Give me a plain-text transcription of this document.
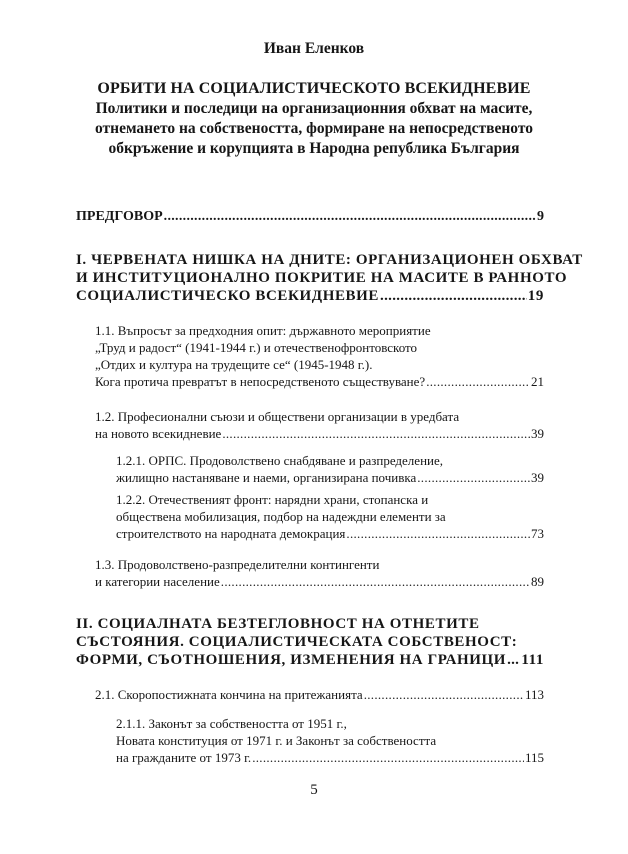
Иван Еленков
ОРБИТИ НА СОЦИАЛИСТИЧЕСКОТО ВСЕКИДНЕВИЕ
Политики и последици на организационния обхват на масите,
отнемането на собствеността, формиране на непосредственото
обкръжение и корупцията в Народна република България
ПРЕДГОВОР .....	9
I. ЧЕРВЕНАТА НИШКА НА ДНИТЕ: ОРГАНИЗАЦИОНЕН ОБХВАТ
И ИНСТИТУЦИОНАЛНО ПОКРИТИЕ НА МАСИТЕ В РАННОТО
СОЦИАЛИСТИЧЕСКО ВСЕКИДНЕВИЕ .....	19
1.1. Въпросът за предходния опит: държавното мероприятие
„Труд и радост“ (1941-1944 г.) и отечественофронтовското
„Отдих и култура на трудещите се“ (1945-1948 г.).
Кога протича превратът в непосредственото съществуване? .....	21
1.2. Професионални съюзи и обществени организации в уредбата
на новото всекидневие .....	39
1.2.1. ОРПС. Продоволствено снабдяване и разпределение,
жилищно настаняване и наеми, организирана почивка .....	39
1.2.2. Отечественият фронт: нарядни храни, стопанска и
обществена мобилизация, подбор на надеждни елементи за
строителството на народната демокрация .....	73
1.3. Продоволствено-разпределителни контингенти
и категории население .....	89
II. СОЦИАЛНАТА БЕЗТЕГЛОВНОСТ НА ОТНЕТИТЕ
СЪСТОЯНИЯ. СОЦИАЛИСТИЧЕСКАТА СОБСТВЕНОСТ:
ФОРМИ, СЪОТНОШЕНИЯ, ИЗМЕНЕНИЯ НА ГРАНИЦИ ..... 111
2.1. Скоропостижната кончина на притежанията .....	113
2.1.1. Законът за собствеността от 1951 г.,
Новата конституция от 1971 г. и Законът за собствеността
на гражданите от 1973 г. .....	115
5
